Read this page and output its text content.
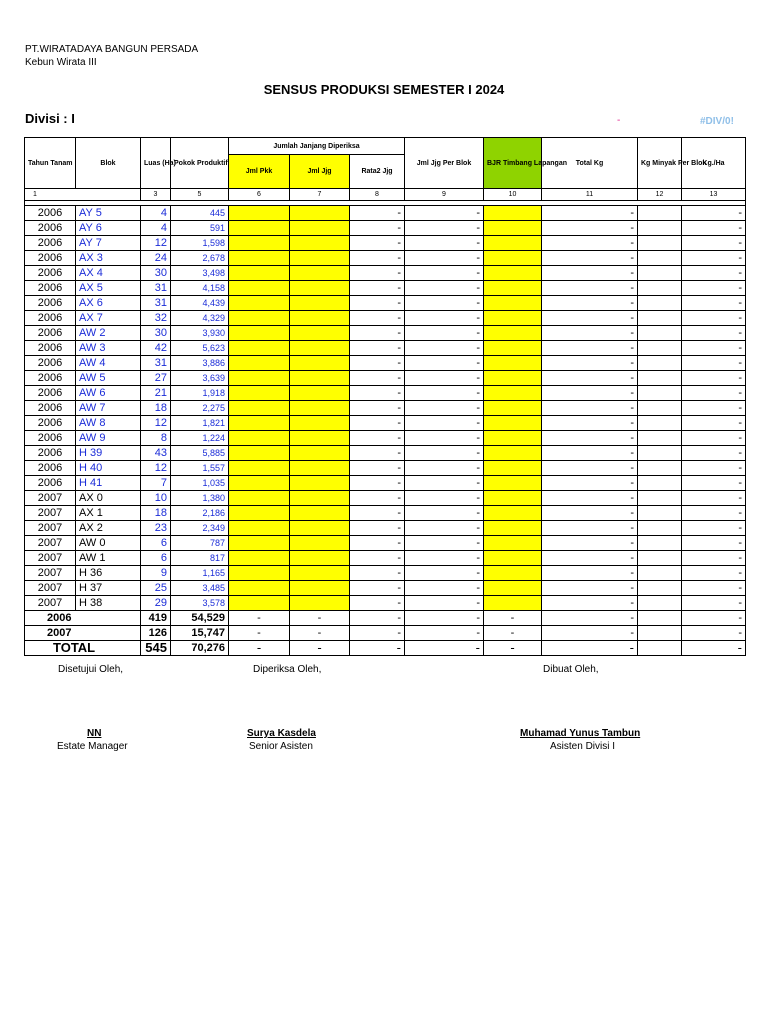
PT.WIRATADAYA BANGUN PERSADA
Kebun Wirata III
SENSUS PRODUKSI SEMESTER I 2024
Divisi : I	-	#DIV/0!
Tahun Tanam	Blok	Luas (Ha)	Pokok Produktif	Jumlah Janjang Diperiksa			Jml Jjg Per Blok	BJR Timbang Lapangan	Total Kg	Kg Minyak Per Blok	Kg./Ha
				Jml Pkk	Jml Jjg	Rata2 Jjg					
1		3	5	6	7	8	9	10	11	12	13

2006	AY 5	4	445			-	-		-		-
2006	AY 6	4	591			-	-		-		-
2006	AY 7	12	1,598			-	-		-		-
2006	AX 3	24	2,678			-	-		-		-
2006	AX 4	30	3,498			-	-		-		-
2006	AX 5	31	4,158			-	-		-		-
2006	AX 6	31	4,439			-	-		-		-
2006	AX 7	32	4,329			-	-		-		-
2006	AW 2	30	3,930			-	-		-		-
2006	AW 3	42	5,623			-	-		-		-
2006	AW 4	31	3,886			-	-		-		-
2006	AW 5	27	3,639			-	-		-		-
2006	AW 6	21	1,918			-	-		-		-
2006	AW 7	18	2,275			-	-		-		-
2006	AW 8	12	1,821			-	-		-		-
2006	AW 9	8	1,224			-	-		-		-
2006	H 39	43	5,885			-	-		-		-
2006	H 40	12	1,557			-	-		-		-
2006	H 41	7	1,035			-	-		-		-
2007	AX 0	10	1,380			-	-		-		-
2007	AX 1	18	2,186			-	-		-		-
2007	AX 2	23	2,349			-	-		-		-
2007	AW 0	6	787			-	-		-		-
2007	AW 1	6	817			-	-		-		-
2007	H 36	9	1,165			-	-		-		-
2007	H 37	25	3,485			-	-		-		-
2007	H 38	29	3,578			-	-		-		-
2006		419	54,529	-	-	-	-	-	-		-
2007		126	15,747	-	-	-	-	-	-		-
TOTAL		545	70,276	-	-	-	-	-	-		-
Disetujui Oleh,	Diperiksa Oleh,	Dibuat Oleh,
NN
Estate Manager
Surya Kasdela
Senior Asisten
Muhamad Yunus Tambun
Asisten Divisi I
